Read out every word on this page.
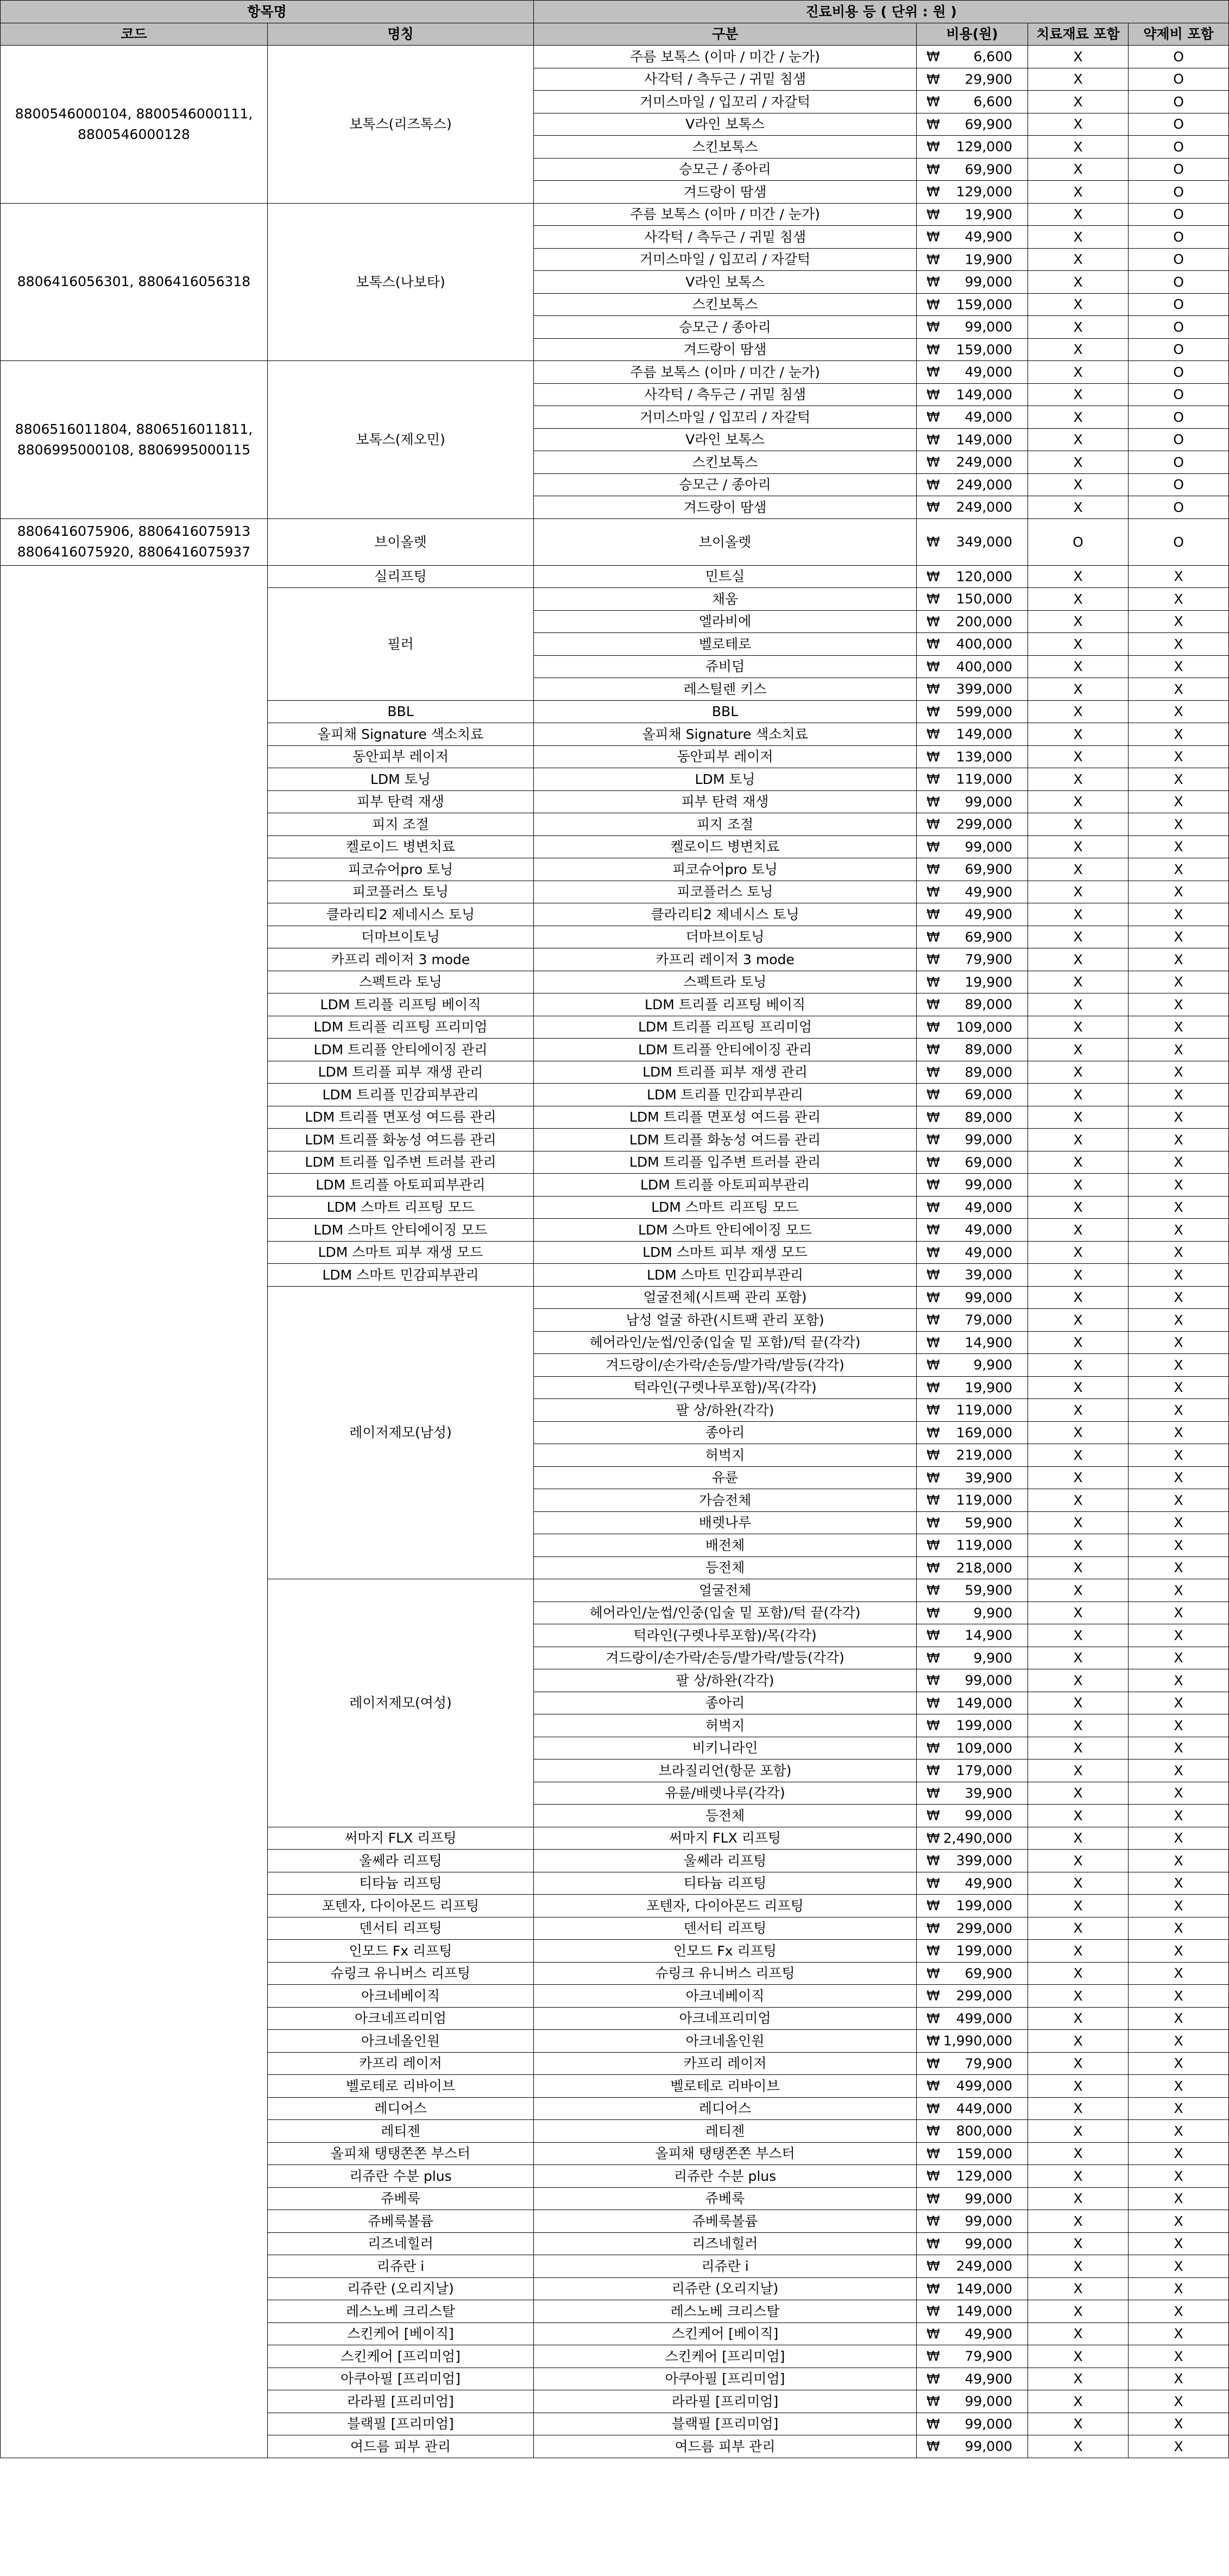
항목명		진료비용 등 ( 단위 : 원 )			
코드	명칭	구분	비용(원)	치료재료 포함	약제비 포함
8800546000104, 8800546000111,
8800546000128	보톡스(리즈톡스)	주름 보톡스 (이마 / 미간 / 눈가)	₩ 6,600	X	O
		사각턱 / 측두근 / 귀밑 침샘	₩ 29,900	X	O
		거미스마일 / 입꼬리 / 자갈턱	₩ 6,600	X	O
		V라인 보톡스	₩ 69,900	X	O
		스킨보톡스	₩ 129,000	X	O
		승모근 / 종아리	₩ 69,900	X	O
		겨드랑이 땀샘	₩ 129,000	X	O
8806416056301, 8806416056318	보톡스(나보타)	주름 보톡스 (이마 / 미간 / 눈가)	₩ 19,900	X	O
		사각턱 / 측두근 / 귀밑 침샘	₩ 49,900	X	O
		거미스마일 / 입꼬리 / 자갈턱	₩ 19,900	X	O
		V라인 보톡스	₩ 99,000	X	O
		스킨보톡스	₩ 159,000	X	O
		승모근 / 종아리	₩ 99,000	X	O
		겨드랑이 땀샘	₩ 159,000	X	O
8806516011804, 8806516011811,
8806995000108, 8806995000115	보톡스(제오민)	주름 보톡스 (이마 / 미간 / 눈가)	₩ 49,000	X	O
		사각턱 / 측두근 / 귀밑 침샘	₩ 149,000	X	O
		거미스마일 / 입꼬리 / 자갈턱	₩ 49,000	X	O
		V라인 보톡스	₩ 149,000	X	O
		스킨보톡스	₩ 249,000	X	O
		승모근 / 종아리	₩ 249,000	X	O
		겨드랑이 땀샘	₩ 249,000	X	O
8806416075906, 8806416075913
8806416075920, 8806416075937	브이올렛	브이올렛	₩ 349,000	O	O
	실리프팅	민트실	₩ 120,000	X	X
	필러	채움	₩ 150,000	X	X
		엘라비에	₩ 200,000	X	X
		벨로테로	₩ 400,000	X	X
		쥬비덤	₩ 400,000	X	X
		레스틸렌 키스	₩ 399,000	X	X
	BBL	BBL	₩ 599,000	X	X
	올피채 Signature 색소치료	올피채 Signature 색소치료	₩ 149,000	X	X
	동안피부 레이저	동안피부 레이저	₩ 139,000	X	X
	LDM 토닝	LDM 토닝	₩ 119,000	X	X
	피부 탄력 재생	피부 탄력 재생	₩ 99,000	X	X
	피지 조절	피지 조절	₩ 299,000	X	X
	켈로이드 병변치료	켈로이드 병변치료	₩ 99,000	X	X
	피코슈어pro 토닝	피코슈어pro 토닝	₩ 69,900	X	X
	피코플러스 토닝	피코플러스 토닝	₩ 49,900	X	X
	클라리티2 제네시스 토닝	클라리티2 제네시스 토닝	₩ 49,900	X	X
	더마브이토닝	더마브이토닝	₩ 69,900	X	X
	카프리 레이저 3 mode	카프리 레이저 3 mode	₩ 79,900	X	X
	스펙트라 토닝	스펙트라 토닝	₩ 19,900	X	X
	LDM 트리플 리프팅 베이직	LDM 트리플 리프팅 베이직	₩ 89,000	X	X
	LDM 트리플 리프팅 프리미엄	LDM 트리플 리프팅 프리미엄	₩ 109,000	X	X
	LDM 트리플 안티에이징 관리	LDM 트리플 안티에이징 관리	₩ 89,000	X	X
	LDM 트리플 피부 재생 관리	LDM 트리플 피부 재생 관리	₩ 89,000	X	X
	LDM 트리플 민감피부관리	LDM 트리플 민감피부관리	₩ 69,000	X	X
	LDM 트리플 면포성 여드름 관리	LDM 트리플 면포성 여드름 관리	₩ 89,000	X	X
	LDM 트리플 화농성 여드름 관리	LDM 트리플 화농성 여드름 관리	₩ 99,000	X	X
	LDM 트리플 입주변 트러블 관리	LDM 트리플 입주변 트러블 관리	₩ 69,000	X	X
	LDM 트리플 아토피피부관리	LDM 트리플 아토피피부관리	₩ 99,000	X	X
	LDM 스마트 리프팅 모드	LDM 스마트 리프팅 모드	₩ 49,000	X	X
	LDM 스마트 안티에이징 모드	LDM 스마트 안티에이징 모드	₩ 49,000	X	X
	LDM 스마트 피부 재생 모드	LDM 스마트 피부 재생 모드	₩ 49,000	X	X
	LDM 스마트 민감피부관리	LDM 스마트 민감피부관리	₩ 39,000	X	X
	레이저제모(남성)	얼굴전체(시트팩 관리 포함)	₩ 99,000	X	X
		남성 얼굴 하관(시트팩 관리 포함)	₩ 79,000	X	X
		헤어라인/눈썹/인중(입술 밑 포함)/턱 끝(각각)	₩ 14,900	X	X
		겨드랑이/손가락/손등/발가락/발등(각각)	₩ 9,900	X	X
		턱라인(구렛나루포함)/목(각각)	₩ 19,900	X	X
		팔 상/하완(각각)	₩ 119,000	X	X
		종아리	₩ 169,000	X	X
		허벅지	₩ 219,000	X	X
		유륜	₩ 39,900	X	X
		가슴전체	₩ 119,000	X	X
		배렛나루	₩ 59,900	X	X
		배전체	₩ 119,000	X	X
		등전체	₩ 218,000	X	X
	레이저제모(여성)	얼굴전체	₩ 59,900	X	X
		헤어라인/눈썹/인중(입술 밑 포함)/턱 끝(각각)	₩ 9,900	X	X
		턱라인(구렛나루포함)/목(각각)	₩ 14,900	X	X
		겨드랑이/손가락/손등/발가락/발등(각각)	₩ 9,900	X	X
		팔 상/하완(각각)	₩ 99,000	X	X
		종아리	₩ 149,000	X	X
		허벅지	₩ 199,000	X	X
		비키니라인	₩ 109,000	X	X
		브라질리언(항문 포함)	₩ 179,000	X	X
		유륜/배렛나루(각각)	₩ 39,900	X	X
		등전체	₩ 99,000	X	X
	써마지 FLX 리프팅	써마지 FLX 리프팅	₩ 2,490,000	X	X
	울쎄라 리프팅	울쎄라 리프팅	₩ 399,000	X	X
	티타늄 리프팅	티타늄 리프팅	₩ 49,900	X	X
	포텐자, 다이아몬드 리프팅	포텐자, 다이아몬드 리프팅	₩ 199,000	X	X
	덴서티 리프팅	덴서티 리프팅	₩ 299,000	X	X
	인모드 Fx 리프팅	인모드 Fx 리프팅	₩ 199,000	X	X
	슈링크 유니버스 리프팅	슈링크 유니버스 리프팅	₩ 69,900	X	X
	아크네베이직	아크네베이직	₩ 299,000	X	X
	아크네프리미엄	아크네프리미엄	₩ 499,000	X	X
	아크네올인원	아크네올인원	₩ 1,990,000	X	X
	카프리 레이저	카프리 레이저	₩ 79,900	X	X
	벨로테로 리바이브	벨로테로 리바이브	₩ 499,000	X	X
	레디어스	레디어스	₩ 449,000	X	X
	레티젠	레티젠	₩ 800,000	X	X
	올피채 탱탱쫀쫀 부스터	올피채 탱탱쫀쫀 부스터	₩ 159,000	X	X
	리쥬란 수분 plus	리쥬란 수분 plus	₩ 129,000	X	X
	쥬베룩	쥬베룩	₩ 99,000	X	X
	쥬베룩볼륨	쥬베룩볼륨	₩ 99,000	X	X
	리즈네힐러	리즈네힐러	₩ 99,000	X	X
	리쥬란 i	리쥬란 i	₩ 249,000	X	X
	리쥬란 (오리지날)	리쥬란 (오리지날)	₩ 149,000	X	X
	레스노베 크리스탈	레스노베 크리스탈	₩ 149,000	X	X
	스킨케어 [베이직]	스킨케어 [베이직]	₩ 49,900	X	X
	스킨케어 [프리미엄]	스킨케어 [프리미엄]	₩ 79,900	X	X
	아쿠아필 [프리미엄]	아쿠아필 [프리미엄]	₩ 49,900	X	X
	라라필 [프리미엄]	라라필 [프리미엄]	₩ 99,000	X	X
	블랙필 [프리미엄]	블랙필 [프리미엄]	₩ 99,000	X	X
	여드름 피부 관리	여드름 피부 관리	₩ 99,000	X	X
